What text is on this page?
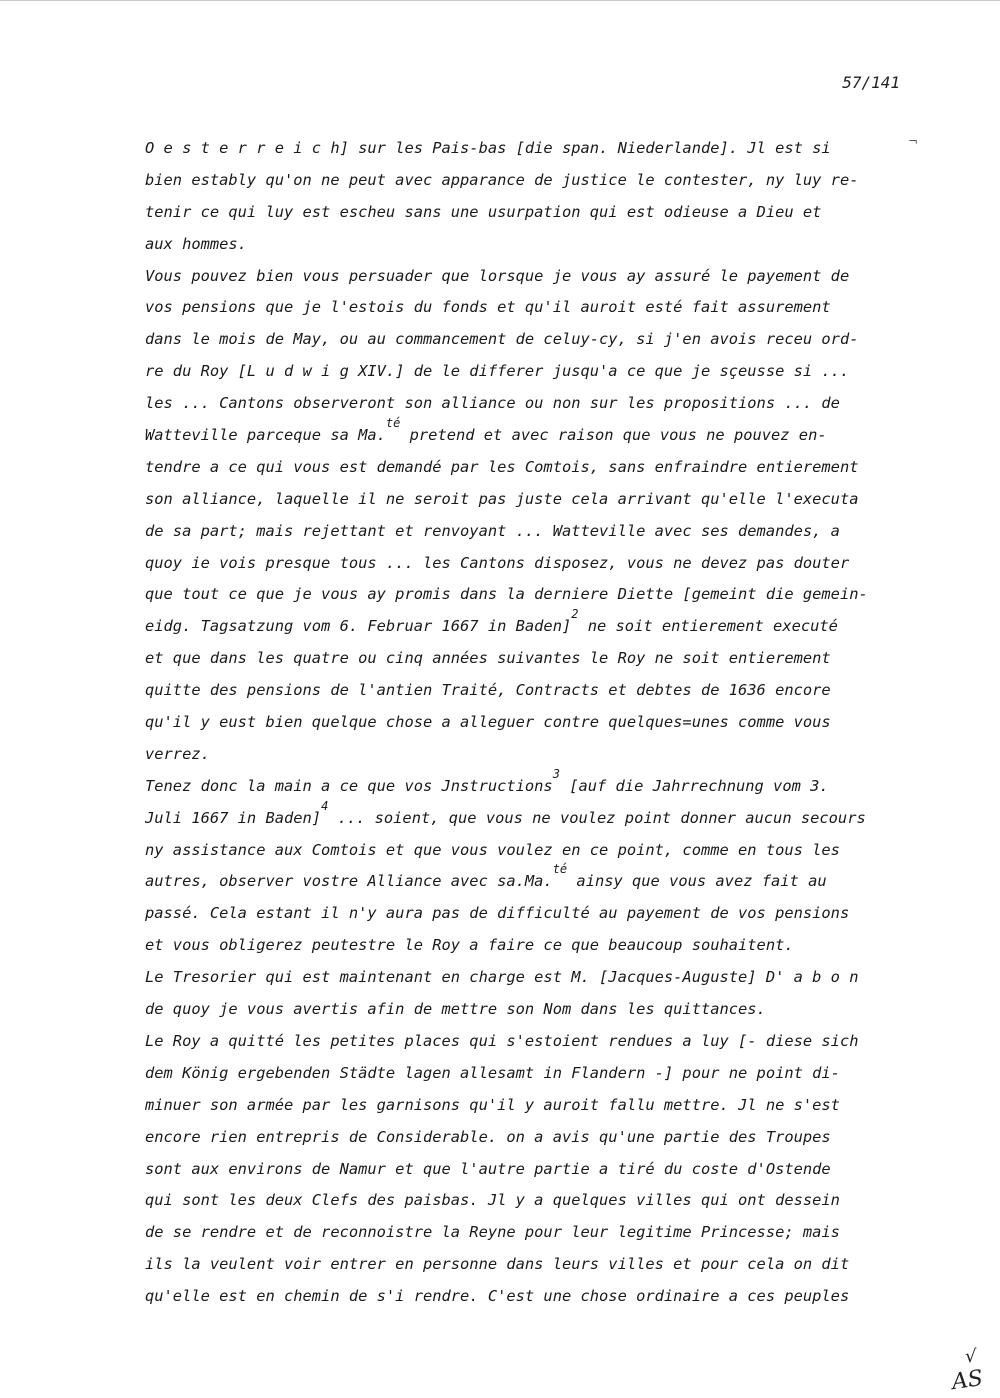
57/141
¬
O e s t e r r e i c h] sur les Pais-bas [die span. Niederlande]. Jl est si
bien estably qu'on ne peut avec apparance de justice le contester, ny luy re-
tenir ce qui luy est escheu sans une usurpation qui est odieuse a Dieu et
aux hommes.
Vous pouvez bien vous persuader que lorsque je vous ay assuré le payement de
vos pensions que je l'estois du fonds et qu'il auroit esté fait assurement
dans le mois de May, ou au commancement de celuy-cy, si j'en avois receu ord-
re du Roy [L u d w i g XIV.] de le differer jusqu'a ce que je sçeusse si ...
les ... Cantons observeront son alliance ou non sur les propositions ... de
Watteville parceque sa Ma.$^{té}$ pretend et avec raison que vous ne pouvez en-
tendre a ce qui vous est demandé par les Comtois, sans enfraindre entierement
son alliance, laquelle il ne seroit pas juste cela arrivant qu'elle l'executa
de sa part; mais rejettant et renvoyant ... Watteville avec ses demandes, a
quoy ie vois presque tous ... les Cantons disposez, vous ne devez pas douter
que tout ce que je vous ay promis dans la derniere Diette [gemeint die gemein-
eidg. Tagsatzung vom 6. Februar 1667 in Baden]$^2$ ne soit entierement executé
et que dans les quatre ou cinq années suivantes le Roy ne soit entierement
quitte des pensions de l'antien Traité, Contracts et debtes de 1636 encore
qu'il y eust bien quelque chose a alleguer contre quelques=unes comme vous
verrez.
Tenez donc la main a ce que vos Jnstructions$^3$ [auf die Jahrrechnung vom 3.
Juli 1667 in Baden]$^4$ ... soient, que vous ne voulez point donner aucun secours
ny assistance aux Comtois et que vous voulez en ce point, comme en tous les
autres, observer vostre Alliance avec sa.Ma.$^{té}$ ainsy que vous avez fait au
passé. Cela estant il n'y aura pas de difficulté au payement de vos pensions
et vous obligerez peutestre le Roy a faire ce que beaucoup souhaitent.
Le Tresorier qui est maintenant en charge est M. [Jacques-Auguste] D' a b o n
de quoy je vous avertis afin de mettre son Nom dans les quittances.
Le Roy a quitté les petites places qui s'estoient rendues a luy [- diese sich
dem König ergebenden Städte lagen allesamt in Flandern -] pour ne point di-
minuer son armée par les garnisons qu'il y auroit fallu mettre. Jl ne s'est
encore rien entrepris de Considerable. on a avis qu'une partie des Troupes
sont aux environs de Namur et que l'autre partie a tiré du coste d'Ostende
qui sont les deux Clefs des paisbas. Jl y a quelques villes qui ont dessein
de se rendre et de reconnoistre la Reyne pour leur legitime Princesse; mais
ils la veulent voir entrer en personne dans leurs villes et pour cela on dit
qu'elle est en chemin de s'i rendre. C'est une chose ordinaire a ces peuples
√
AS
